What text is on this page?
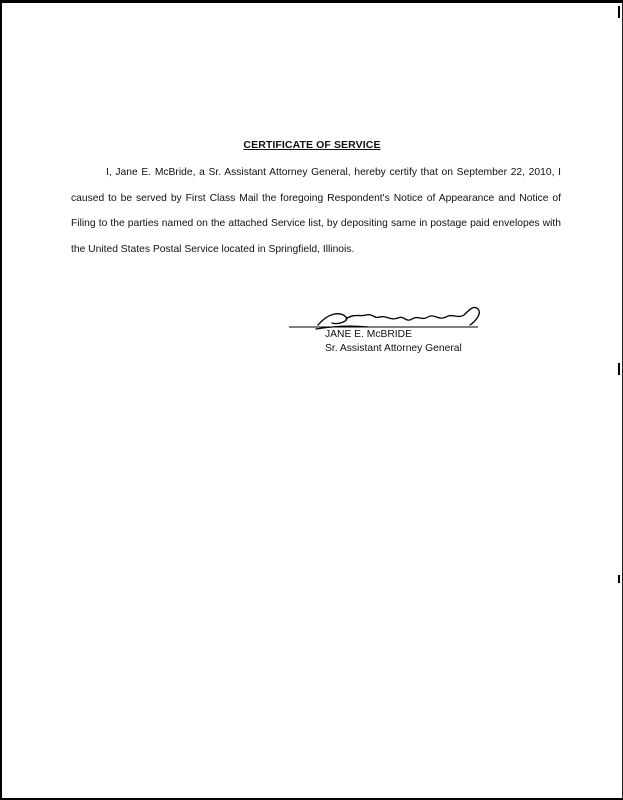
CERTIFICATE OF SERVICE
I, Jane E. McBride, a Sr. Assistant Attorney General, hereby certify that on September 22, 2010, I caused to be served by First Class Mail the foregoing Respondent's Notice of Appearance and Notice of Filing to the parties named on the attached Service list, by depositing same in postage paid envelopes with the United States Postal Service located in Springfield, Illinois.
JANE E. McBRIDE
Sr. Assistant Attorney General
